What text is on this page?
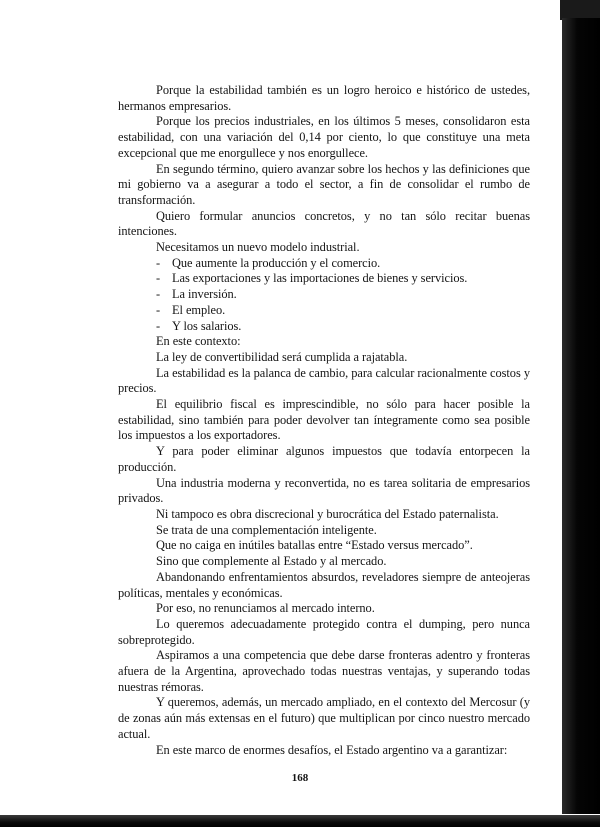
Porque la estabilidad también es un logro heroico e histórico de ustedes, hermanos empresarios.

Porque los precios industriales, en los últimos 5 meses, consolidaron esta estabilidad, con una variación del 0,14 por ciento, lo que constituye una meta excepcional que me enorgullece y nos enorgullece.

En segundo término, quiero avanzar sobre los hechos y las definiciones que mi gobierno va a asegurar a todo el sector, a fin de consolidar el rumbo de transformación.

Quiero formular anuncios concretos, y no tan sólo recitar buenas intenciones.

Necesitamos un nuevo modelo industrial.

- Que aumente la producción y el comercio.
- Las exportaciones y las importaciones de bienes y servicios.
- La inversión.
- El empleo.
- Y los salarios.

En este contexto:

La ley de convertibilidad será cumplida a rajatabla.

La estabilidad es la palanca de cambio, para calcular racionalmente costos y precios.

El equilibrio fiscal es imprescindible, no sólo para hacer posible la estabilidad, sino también para poder devolver tan íntegramente como sea posible los impuestos a los exportadores.

Y para poder eliminar algunos impuestos que todavía entorpecen la producción.

Una industria moderna y reconvertida, no es tarea solitaria de empresarios privados.

Ni tampoco es obra discrecional y burocrática del Estado paternalista.

Se trata de una complementación inteligente.

Que no caiga en inútiles batallas entre “Estado versus mercado”.

Sino que complemente al Estado y al mercado.

Abandonando enfrentamientos absurdos, reveladores siempre de anteojeras políticas, mentales y económicas.

Por eso, no renunciamos al mercado interno.

Lo queremos adecuadamente protegido contra el dumping, pero nunca sobreprotegido.

Aspiramos a una competencia que debe darse fronteras adentro y fronteras afuera de la Argentina, aprovechado todas nuestras ventajas, y superando todas nuestras rémoras.

Y queremos, además, un mercado ampliado, en el contexto del Mercosur (y de zonas aún más extensas en el futuro) que multiplican por cinco nuestro mercado actual.

En este marco de enormes desafíos, el Estado argentino va a garantizar:

168
